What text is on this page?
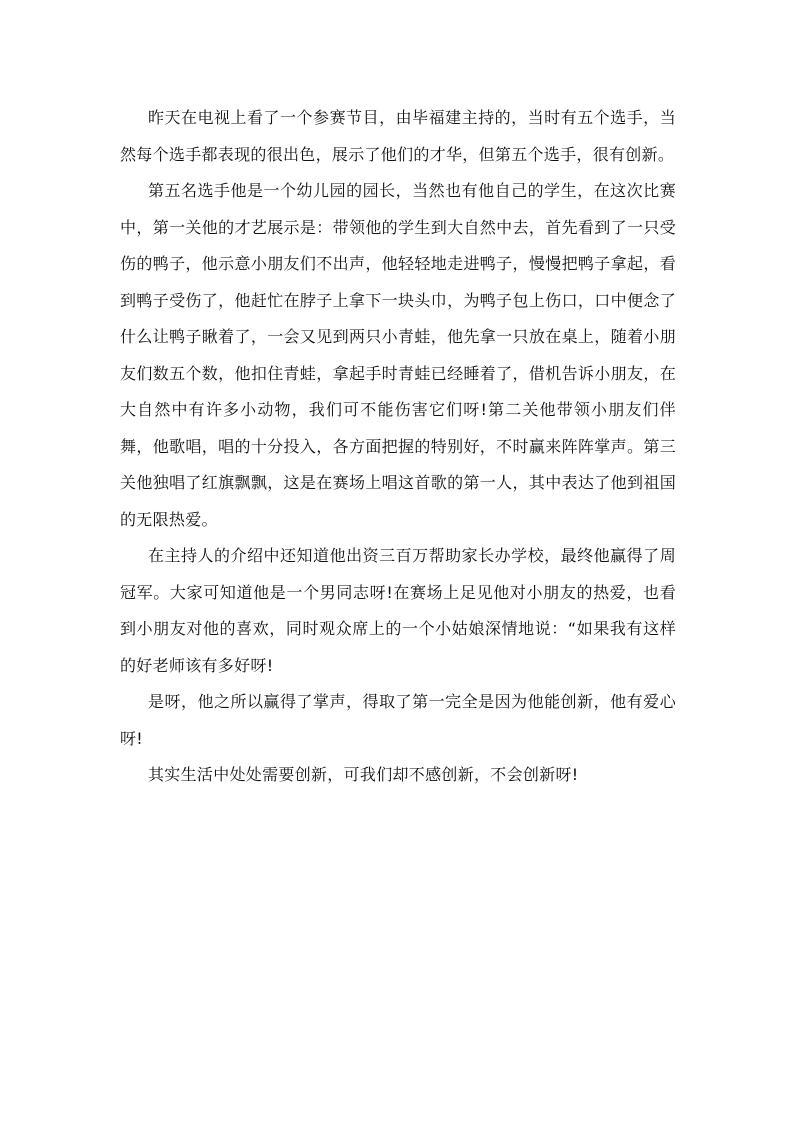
昨天在电视上看了一个参赛节目，由毕福建主持的，当时有五个选手，当然每个选手都表现的很出色，展示了他们的才华，但第五个选手，很有创新。

第五名选手他是一个幼儿园的园长，当然也有他自己的学生，在这次比赛中，第一关他的才艺展示是：带领他的学生到大自然中去，首先看到了一只受伤的鸭子，他示意小朋友们不出声，他轻轻地走进鸭子，慢慢把鸭子拿起，看到鸭子受伤了，他赶忙在脖子上拿下一块头巾，为鸭子包上伤口，口中便念了什么让鸭子瞅着了，一会又见到两只小青蛙，他先拿一只放在桌上，随着小朋友们数五个数，他扣住青蛙，拿起手时青蛙已经睡着了，借机告诉小朋友，在大自然中有许多小动物，我们可不能伤害它们呀!第二关他带领小朋友们伴舞，他歌唱，唱的十分投入，各方面把握的特别好，不时赢来阵阵掌声。第三关他独唱了红旗飘飘，这是在赛场上唱这首歌的第一人，其中表达了他到祖国的无限热爱。

在主持人的介绍中还知道他出资三百万帮助家长办学校，最终他赢得了周冠军。大家可知道他是一个男同志呀!在赛场上足见他对小朋友的热爱，也看到小朋友对他的喜欢，同时观众席上的一个小姑娘深情地说：“如果我有这样的好老师该有多好呀!

是呀，他之所以赢得了掌声，得取了第一完全是因为他能创新，他有爱心呀!

其实生活中处处需要创新，可我们却不感创新，不会创新呀!
